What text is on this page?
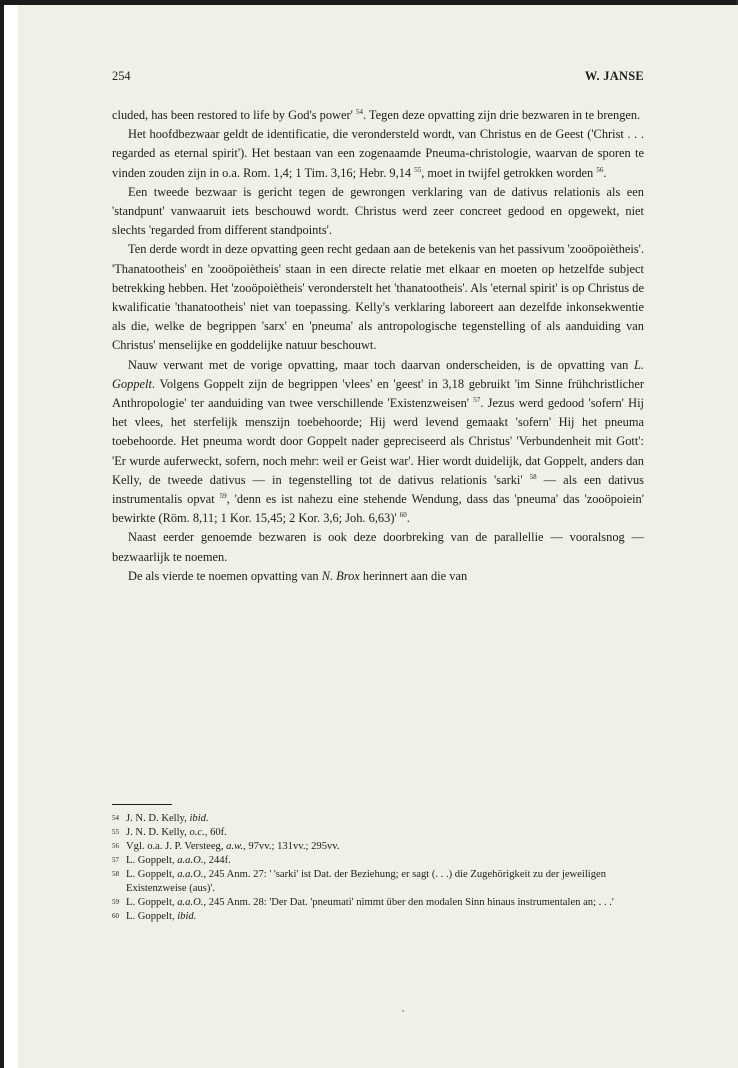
254	W. JANSE

cluded, has been restored to life by God's power' $^{54}$. Tegen deze opvatting zijn drie bezwaren in te brengen.

Het hoofdbezwaar geldt de identificatie, die verondersteld wordt, van Christus en de Geest ('Christ . . . regarded as eternal spirit'). Het bestaan van een zogenaamde Pneuma-christologie, waarvan de sporen te vinden zouden zijn in o.a. Rom. 1,4; 1 Tim. 3,16; Hebr. 9,14 $^{55}$, moet in twijfel getrokken worden $^{56}$.

Een tweede bezwaar is gericht tegen de gewrongen verklaring van de dativus relationis als een 'standpunt' vanwaaruit iets beschouwd wordt. Christus werd zeer concreet gedood en opgewekt, niet slechts 'regarded from different standpoints'.

Ten derde wordt in deze opvatting geen recht gedaan aan de betekenis van het passivum 'zooöpoiètheis'. 'Thanatootheis' en 'zooöpoiètheis' staan in een directe relatie met elkaar en moeten op hetzelfde subject betrekking hebben. Het 'zooöpoiètheis' veronderstelt het 'thanatootheis'. Als 'eternal spirit' is op Christus de kwalificatie 'thanatootheis' niet van toepassing. Kelly's verklaring laboreert aan dezelfde inkonsekwentie als die, welke de begrippen 'sarx' en 'pneuma' als antropologische tegenstelling of als aanduiding van Christus' menselijke en goddelijke natuur beschouwt.

Nauw verwant met de vorige opvatting, maar toch daarvan onderscheiden, is de opvatting van L. Goppelt. Volgens Goppelt zijn de begrippen 'vlees' en 'geest' in 3,18 gebruikt 'im Sinne frühchristlicher Anthropologie' ter aanduiding van twee verschillende 'Existenzweisen' $^{57}$. Jezus werd gedood 'sofern' Hij het vlees, het sterfelijk menszijn toebehoorde; Hij werd levend gemaakt 'sofern' Hij het pneuma toebehoorde. Het pneuma wordt door Goppelt nader gepreciseerd als Christus' 'Verbundenheit mit Gott': 'Er wurde auferweckt, sofern, noch mehr: weil er Geist war'. Hier wordt duidelijk, dat Goppelt, anders dan Kelly, de tweede dativus — in tegenstelling tot de dativus relationis 'sarki' $^{58}$ — als een dativus instrumentalis opvat $^{59}$, 'denn es ist nahezu eine stehende Wendung, dass das 'pneuma' das 'zooöpoiein' bewirkte (Röm. 8,11; 1 Kor. 15,45; 2 Kor. 3,6; Joh. 6,63)' $^{60}$.

Naast eerder genoemde bezwaren is ook deze doorbreking van de parallellie — vooralsnog — bezwaarlijk te noemen.

De als vierde te noemen opvatting van N. Brox herinnert aan die van

54 J. N. D. Kelly, ibid.
55 J. N. D. Kelly, o.c., 60f.
56 Vgl. o.a. J. P. Versteeg, a.w., 97vv.; 131vv.; 295vv.
57 L. Goppelt, a.a.O., 244f.
58 L. Goppelt, a.a.O., 245 Anm. 27: ' 'sarki' ist Dat. der Beziehung; er sagt (. . .) die Zugehörigkeit zu der jeweiligen Existenzweise (aus)'.
59 L. Goppelt, a.a.O., 245 Anm. 28: 'Der Dat. 'pneumati' nimmt über den modalen Sinn hinaus instrumentalen an; . . .'
60 L. Goppelt, ibid.
